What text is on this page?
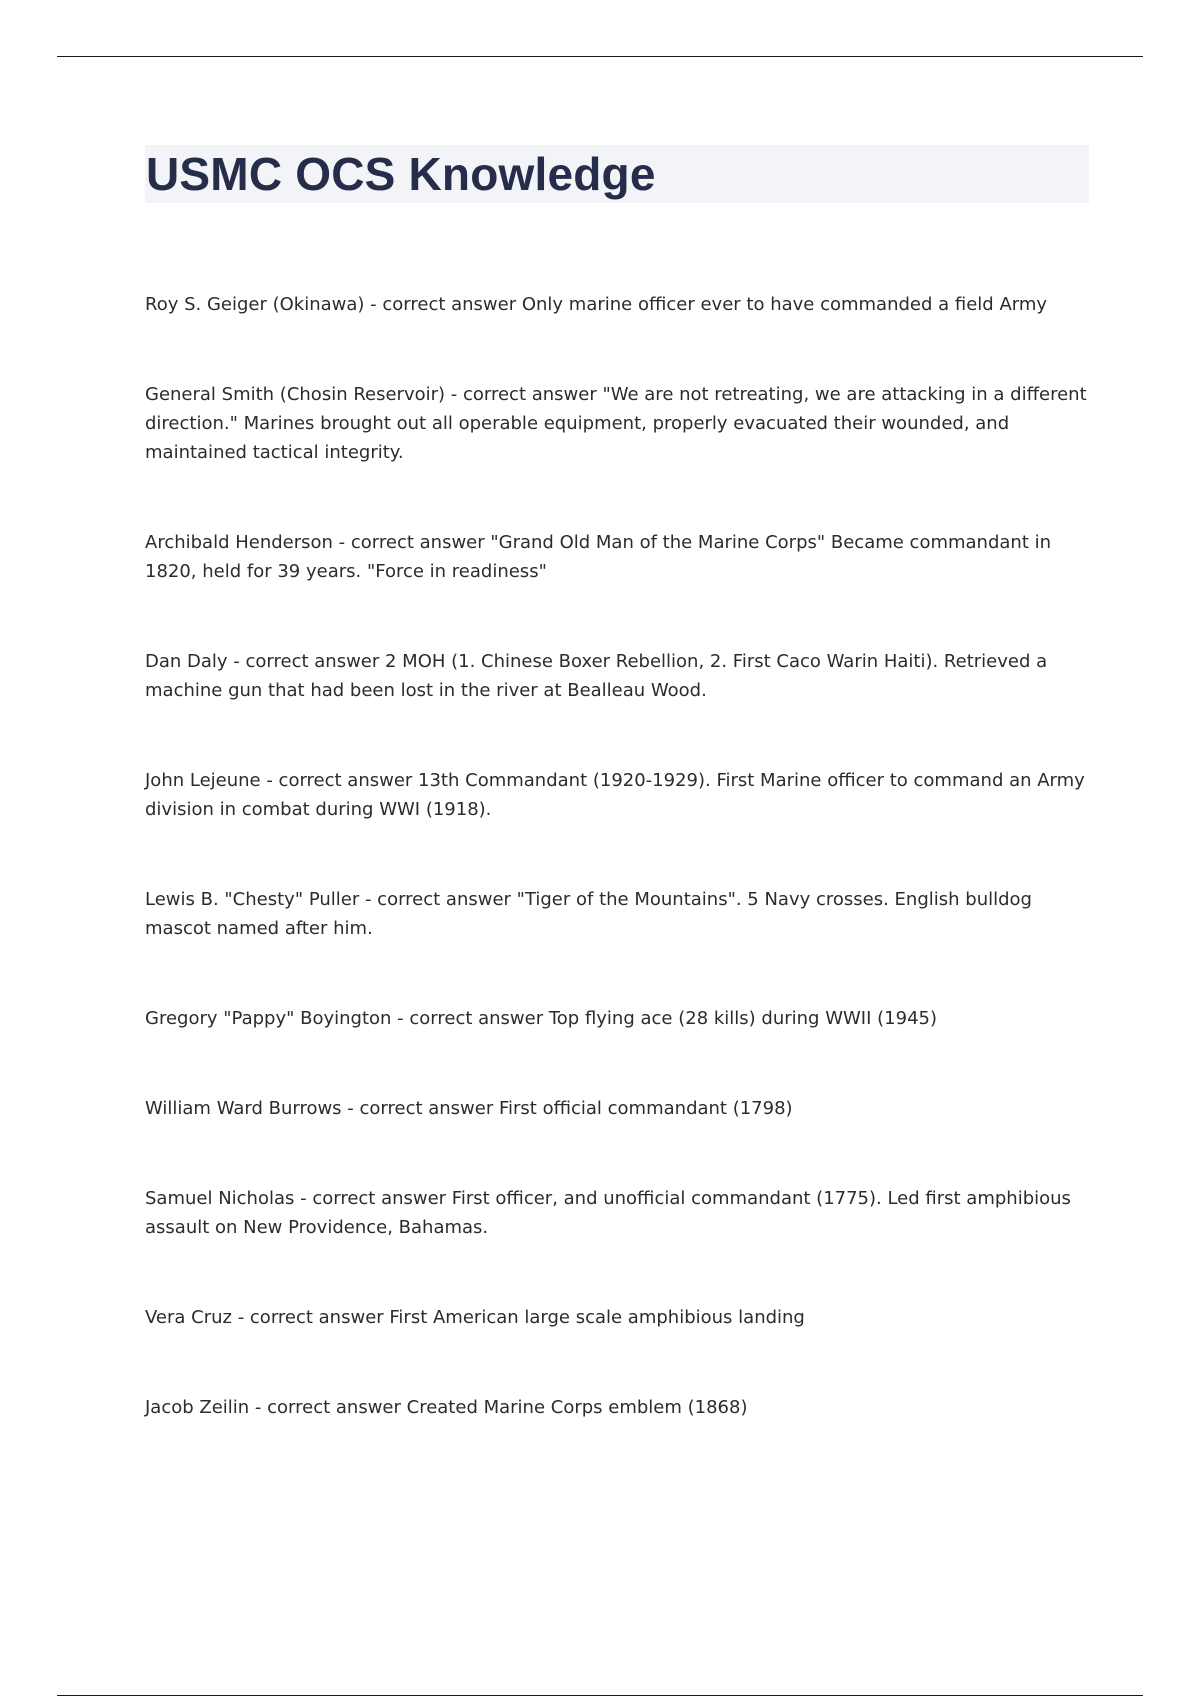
USMC OCS Knowledge

Roy S. Geiger (Okinawa) - correct answer Only marine officer ever to have commanded a field Army

General Smith (Chosin Reservoir) - correct answer "We are not retreating, we are attacking in a different direction." Marines brought out all operable equipment, properly evacuated their wounded, and maintained tactical integrity.

Archibald Henderson - correct answer "Grand Old Man of the Marine Corps" Became commandant in 1820, held for 39 years. "Force in readiness"

Dan Daly - correct answer 2 MOH (1. Chinese Boxer Rebellion, 2. First Caco Warin Haiti). Retrieved a machine gun that had been lost in the river at Bealleau Wood.

John Lejeune - correct answer 13th Commandant (1920-1929). First Marine officer to command an Army division in combat during WWI (1918).

Lewis B. "Chesty" Puller - correct answer "Tiger of the Mountains". 5 Navy crosses. English bulldog mascot named after him.

Gregory "Pappy" Boyington - correct answer Top flying ace (28 kills) during WWII (1945)

William Ward Burrows - correct answer First official commandant (1798)

Samuel Nicholas - correct answer First officer, and unofficial commandant (1775). Led first amphibious assault on New Providence, Bahamas.

Vera Cruz - correct answer First American large scale amphibious landing

Jacob Zeilin - correct answer Created Marine Corps emblem (1868)
